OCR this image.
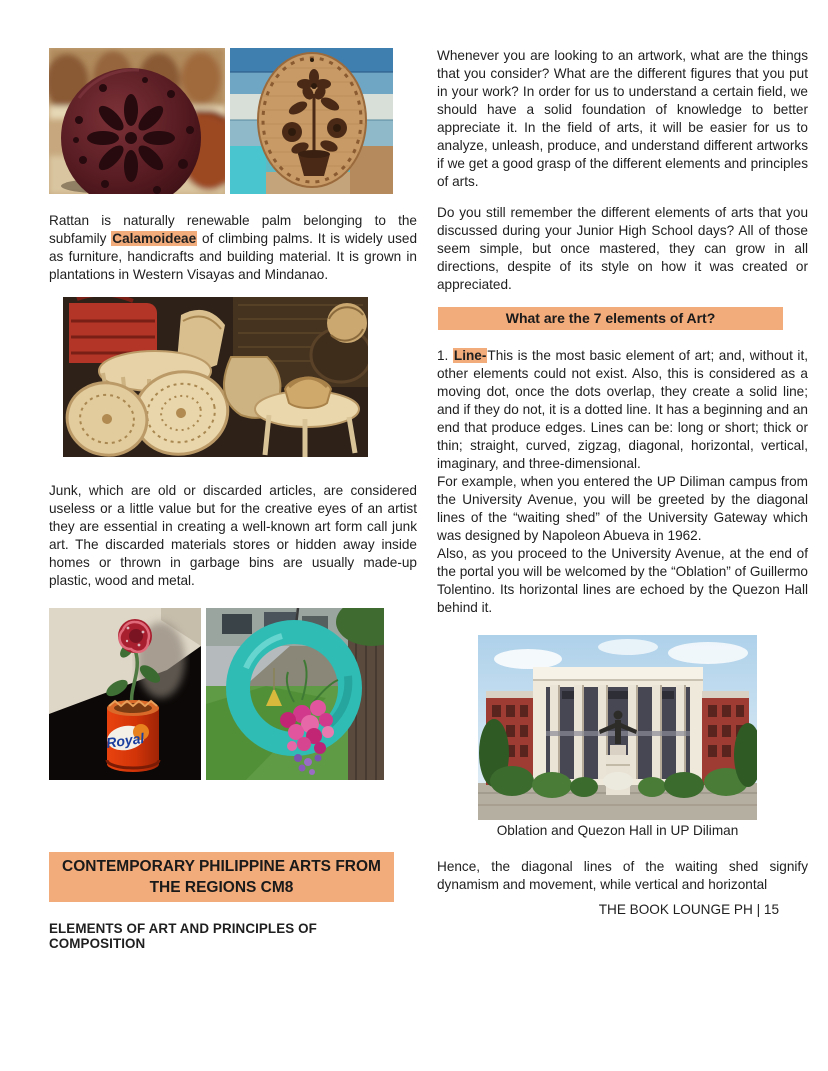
Rattan is naturally renewable palm belonging to the subfamily Calamoideae of climbing palms. It is widely used as furniture, handicrafts and building material. It is grown in plantations in Western Visayas and Mindanao.

Junk, which are old or discarded articles, are considered useless or a little value but for the creative eyes of an artist they are essential in creating a well-known art form call junk art. The discarded materials stores or hidden away inside homes or thrown in garbage bins are usually made-up plastic, wood and metal.

Royal
CONTEMPORARY PHILIPPINE ARTS FROM THE REGIONS CM8
ELEMENTS OF ART AND PRINCIPLES OF COMPOSITION

Whenever you are looking to an artwork, what are the things that you consider? What are the different figures that you put in your work? In order for us to understand a certain field, we should have a solid foundation of knowledge to better appreciate it. In the field of arts, it will be easier for us to analyze, unleash, produce, and understand different artworks if we get a good grasp of the different elements and principles of arts.

Do you still remember the different elements of arts that you discussed during your Junior High School days? All of those seem simple, but once mastered, they can grow in all directions, despite of its style on how it was created or appreciated.

What are the 7 elements of Art?

1. Line-This is the most basic element of art; and, without it, other elements could not exist. Also, this is considered as a moving dot, once the dots overlap, they create a solid line; and if they do not, it is a dotted line. It has a beginning and an end that produce edges. Lines can be: long or short; thick or thin; straight, curved, zigzag, diagonal, horizontal, vertical, imaginary, and three-dimensional.

For example, when you entered the UP Diliman campus from the University Avenue, you will be greeted by the diagonal lines of the “waiting shed” of the University Gateway which was designed by Napoleon Abueva in 1962.

Also, as you proceed to the University Avenue, at the end of the portal you will be welcomed by the “Oblation” of Guillermo Tolentino. Its horizontal lines are echoed by the Quezon Hall behind it.

Oblation and Quezon Hall in UP Diliman

Hence, the diagonal lines of the waiting shed signify dynamism and movement, while vertical and horizontal

THE BOOK LOUNGE PH | 15
